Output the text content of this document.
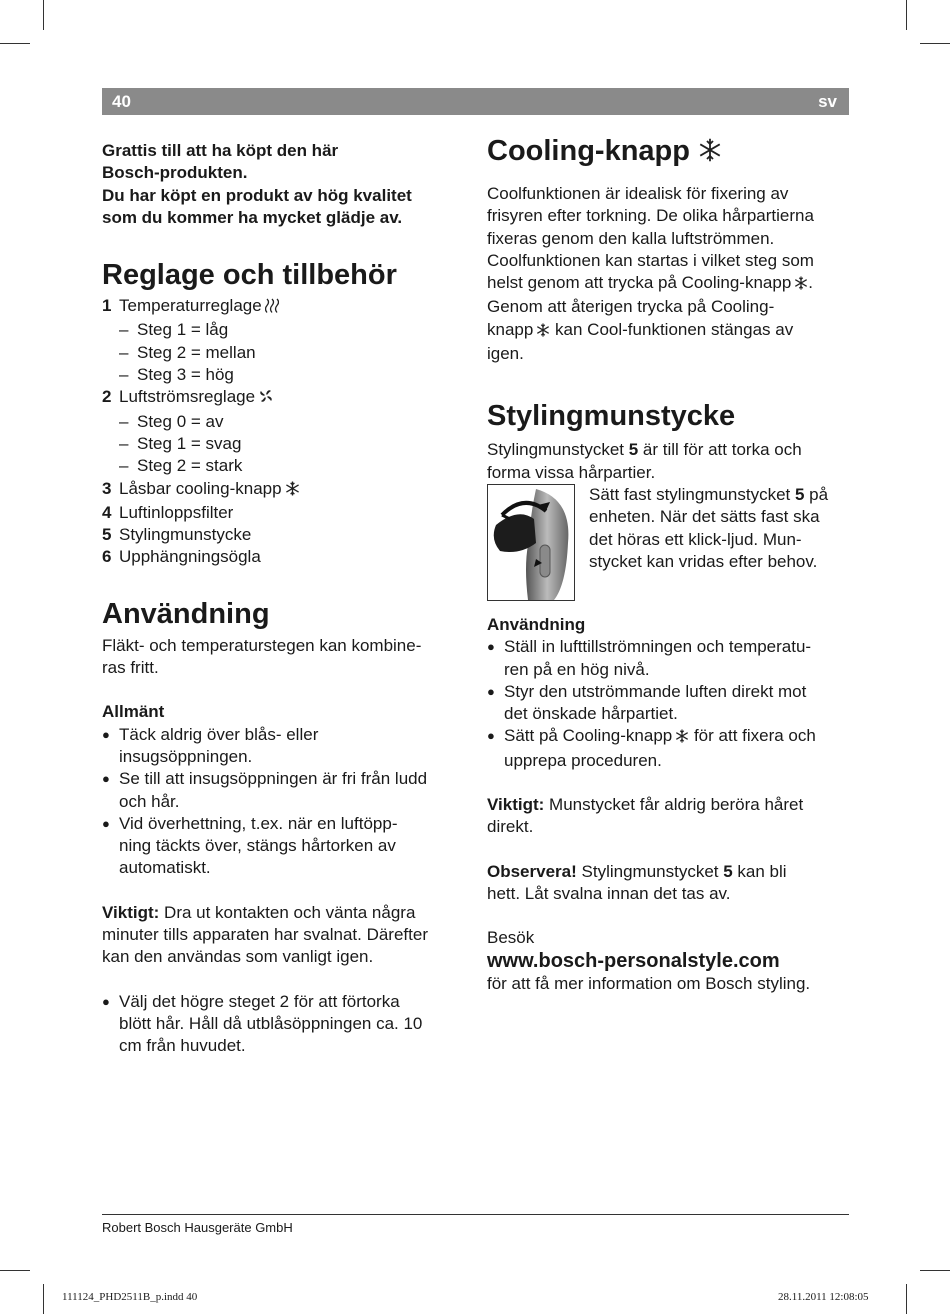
40	sv

Grattis till att ha köpt den här
Bosch-produkten.
Du har köpt en produkt av hög kvalitet
som du kommer ha mycket glädje av.

Reglage och tillbehör
1 Temperaturreglage
– Steg 1 = låg
– Steg 2 = mellan
– Steg 3 = hög
2 Luftströmsreglage
– Steg 0 = av
– Steg 1 = svag
– Steg 2 = stark
3 Låsbar cooling-knapp
4 Luftinloppsfilter
5 Stylingmunstycke
6 Upphängningsögla
Användning

Fläkt- och temperaturstegen kan kombine-
ras fritt.

Allmänt
● Täck aldrig över blås- eller
insugsöppningen.
● Se till att insugsöppningen är fri från ludd
och hår.
● Vid överhettning, t.ex. när en luftöpp-
ning täckts över, stängs hårtorken av
automatiskt.

Viktigt: Dra ut kontakten och vänta några
minuter tills apparaten har svalnat. Därefter
kan den användas som vanligt igen.

● Välj det högre steget 2 för att förtorka
blött hår. Håll då utblåsöppningen ca. 10
cm från huvudet.
Cooling-knapp

Coolfunktionen är idealisk för fixering av
frisyren efter torkning. De olika hårpartierna
fixeras genom den kalla luftströmmen.
Coolfunktionen kan startas i vilket steg som
helst genom att trycka på Cooling-knapp .
Genom att återigen trycka på Cooling-
knapp kan Cool-funktionen stängas av
igen.

Stylingmunstycke

Stylingmunstycket 5 är till för att torka och
forma vissa hårpartier.

Sätt fast stylingmunstycket 5 på
enheten. När det sätts fast ska
det höras ett klick-ljud. Mun-
stycket kan vridas efter behov.

Användning
● Ställ in lufttillströmningen och temperatu-
ren på en hög nivå.
● Styr den utströmmande luften direkt mot
det önskade hårpartiet.
● Sätt på Cooling-knapp för att fixera och
upprepa proceduren.

Viktigt: Munstycket får aldrig beröra håret
direkt.

Observera! Stylingmunstycket 5 kan bli
hett. Låt svalna innan det tas av.

Besök
www.bosch-personalstyle.com
för att få mer information om Bosch styling.

Robert Bosch Hausgeräte GmbH
111124_PHD2511B_p.indd 40	28.11.2011 12:08:05
